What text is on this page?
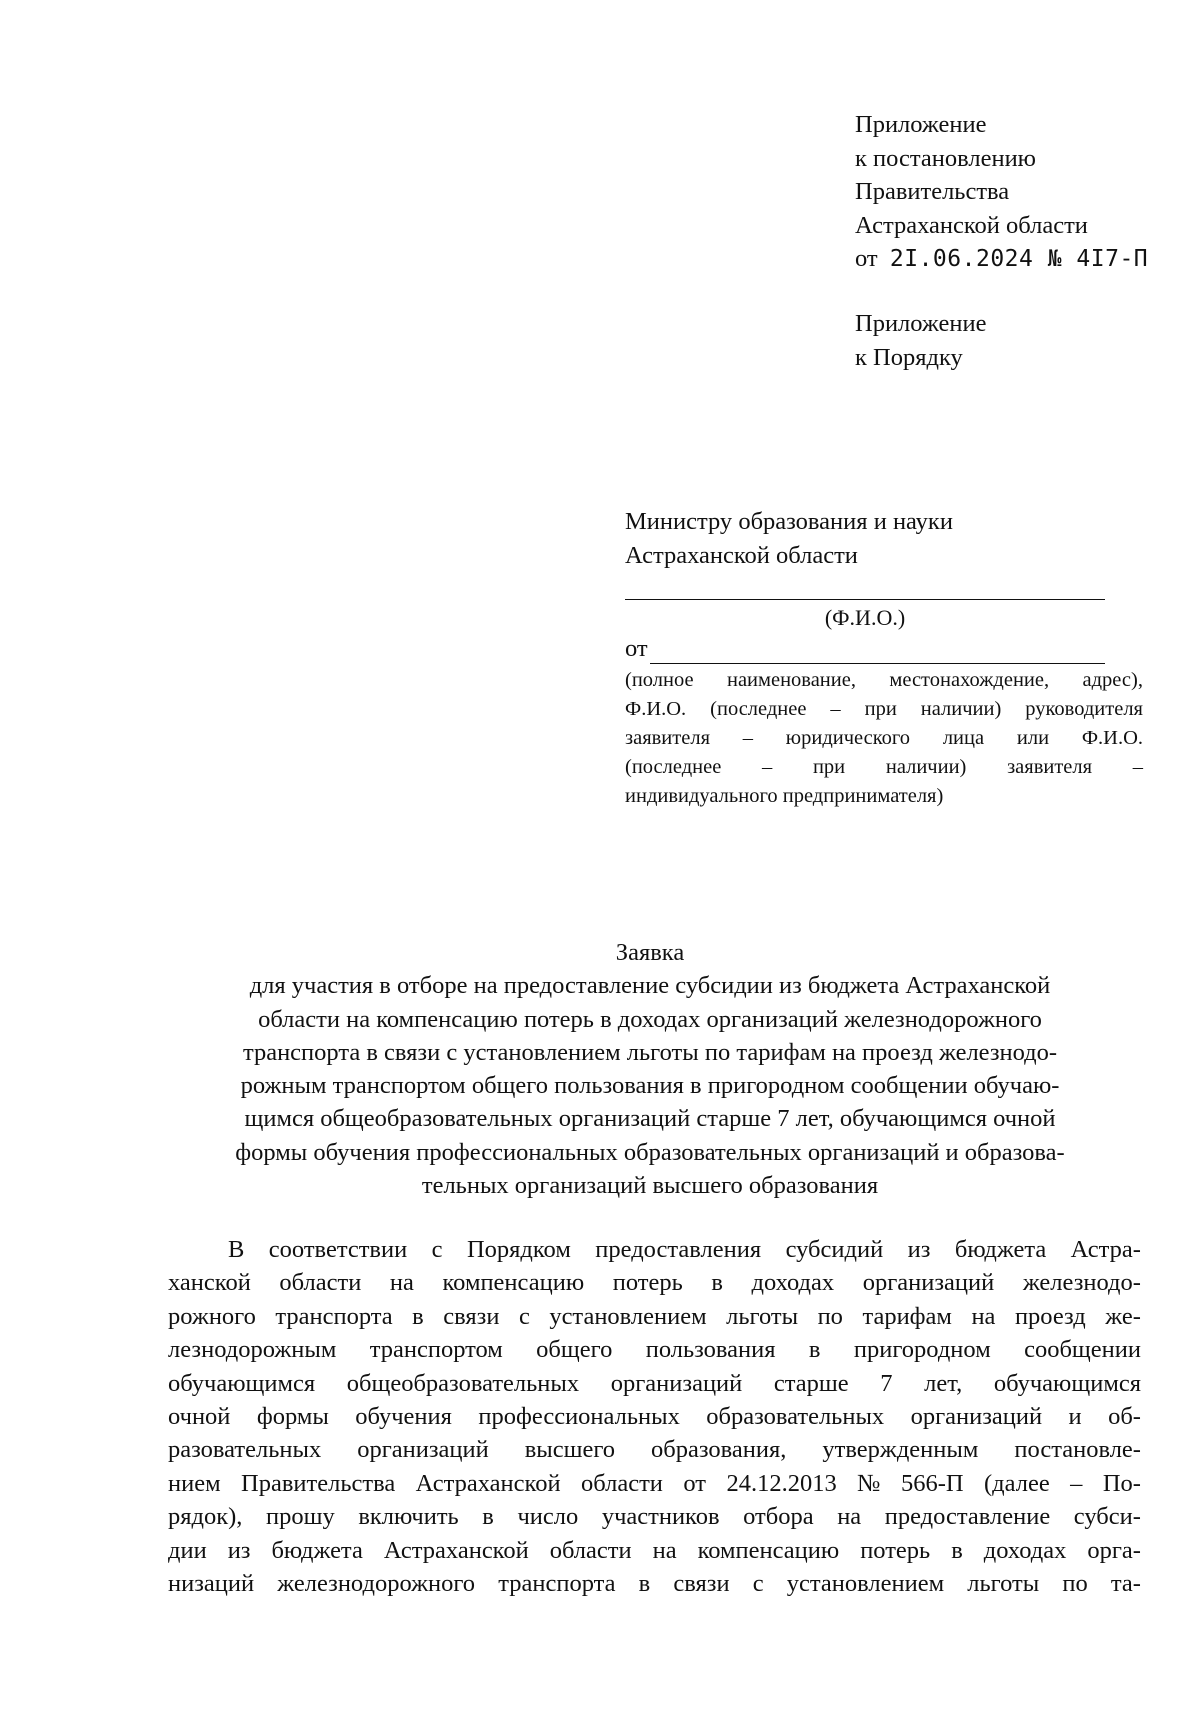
Приложение
к постановлению
Правительства
Астраханской области
от 2I.06.2024 № 4I7-П
Приложение
к Порядку
Министру образования и науки
Астраханской области
(Ф.И.О.)
от
(полное наименование, местонахождение, адрес),
Ф.И.О. (последнее – при наличии) руководителя
заявителя – юридического лица или Ф.И.О.
(последнее – при наличии) заявителя –
индивидуального предпринимателя)
Заявка
для участия в отборе на предоставление субсидии из бюджета Астраханской
области на компенсацию потерь в доходах организаций железнодорожного
транспорта в связи с установлением льготы по тарифам на проезд железнодо-
рожным транспортом общего пользования в пригородном сообщении обучаю-
щимся общеобразовательных организаций старше 7 лет, обучающимся очной
формы обучения профессиональных образовательных организаций и образова-
тельных организаций высшего образования
В соответствии с Порядком предоставления субсидий из бюджета Астра-
ханской области на компенсацию потерь в доходах организаций железнодо-
рожного транспорта в связи с установлением льготы по тарифам на проезд же-
лезнодорожным транспортом общего пользования в пригородном сообщении
обучающимся общеобразовательных организаций старше 7 лет, обучающимся
очной формы обучения профессиональных образовательных организаций и об-
разовательных организаций высшего образования, утвержденным постановле-
нием Правительства Астраханской области от 24.12.2013 № 566-П (далее – По-
рядок), прошу включить в число участников отбора на предоставление субси-
дии из бюджета Астраханской области на компенсацию потерь в доходах орга-
низаций железнодорожного транспорта в связи с установлением льготы по та-
